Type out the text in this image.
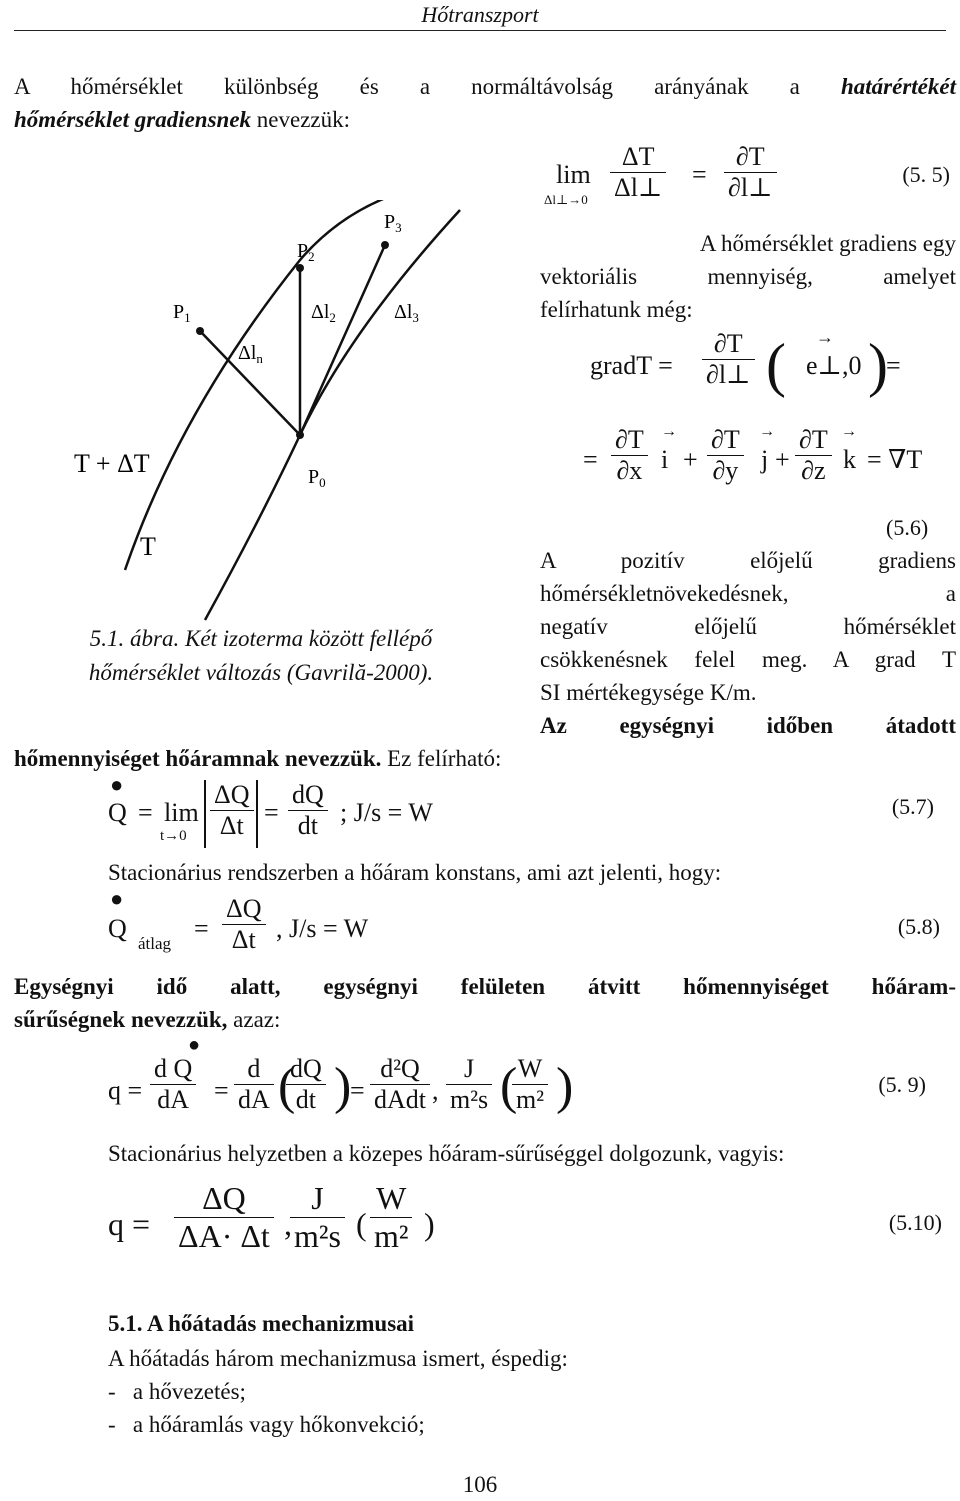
Hőtranszport
A hőmérséklet különbség és a normáltávolság arányának a határértékét
hőmérséklet gradiensnek nevezzük:
$P_1$
$P_2$
$P_3$
$P_0$
$\Delta l_2$	$\Delta l_3$
$\Delta l_n$
T + ΔT
T
5.1. ábra. Két izoterma között fellépő
hőmérséklet változás (Gavrilă-2000).
lim
Δl⊥→0 $\frac{\Delta T}{\Delta l\perp} = \frac{\partial T}{\partial l\perp}$	(5. 5)
A hőmérséklet gradiens egy
vektoriális mennyiség, amelyet
felírhatunk még:
gradT = $\frac{\partial T}{\partial l\perp}$ ( e⊥,0
→ )
=
= $\frac{\partial T}{\partial x}$ i
→
+ $\frac{\partial T}{\partial y}$ j
→
+ $\frac{\partial T}{\partial z}$ k
→
= ∇T
(5.6)
A pozitív előjelű gradiens
hőmérsékletnövekedésnek, a
negatív előjelű hőmérséklet
csökkenésnek felel meg. A grad T
SI mértékegysége K/m.
Az egységnyi időben átadott
hőmennyiséget hőáramnak nevezzük. Ez felírható:
●
Q = lim
$t\to 0 \frac{\Delta Q}{\Delta t} = \frac{dQ}{dt}$ ; J/s = W	(5.7)
Stacionárius rendszerben a hőáram konstans, ami azt jelenti, hogy:
●
Q
átlag
= $\frac{\Delta Q}{\Delta t}$ , J/s = W	(5.8)
Egységnyi idő alatt, egységnyi felületen átvitt hőmennyiséget hőáram-
sűrűségnek nevezzük, azaz:
●
$q = \frac{\text{d Q}}{dA} = \frac{d}{dA}$ (
$\frac{dQ}{dt}$ )
=
d²Q
dAdt , $\frac{J}{\text{m²s}}$ (
$\frac{W}{\text{m²}}$ )	(5. 9)
Stacionárius helyzetben a közepes hőáram-sűrűséggel dolgozunk, vagyis:
$q = \frac{\Delta Q}{\Delta A\cdot \Delta t}$ ,
$\frac{J}{\text{m²s}}$ ( $\frac{W}{\text{m²}}$ )	(5.10)
5.1. A hőátadás mechanizmusai
A hőátadás három mechanizmusa ismert, éspedig:
-   a hővezetés;
-   a hőáramlás vagy hőkonvekció;
106
